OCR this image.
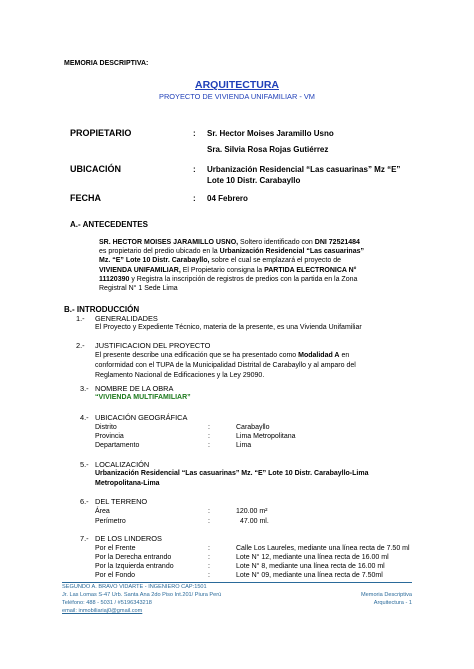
MEMORIA DESCRIPTIVA:
ARQUITECTURA
PROYECTO DE VIVIENDA UNIFAMILIAR - VM
PROPIETARIO	: Sr. Hector Moises Jaramillo Usno
Sra. Silvia Rosa Rojas Gutiérrez
UBICACIÓN	: Urbanización Residencial “Las casuarinas” Mz “E”
Lote 10 Distr. Carabayllo
FECHA	: 04 Febrero
A.- ANTECEDENTES
SR. HECTOR MOISES JARAMILLO USNO, Soltero identificado con DNI 72521484
es propietario del predio ubicado en la Urbanización Residencial “Las casuarinas”
Mz. “E” Lote 10 Distr. Carabayllo, sobre el cual se emplazará el proyecto de
VIVIENDA UNIFAMILIAR, El Propietario consigna la PARTIDA ELECTRONICA N°
11120390 y Registra la inscripción de registros de predios con la partida en la Zona
Registral N° 1 Sede Lima
B.- INTRODUCCIÓN
1.- GENERALIDADES
El Proyecto y Expediente Técnico, materia de la presente, es una Vivienda Unifamiliar
2.- JUSTIFICACION DEL PROYECTO
El presente describe una edificación que se ha presentado como Modalidad A en
conformidad con el TUPA de la Municipalidad Distrital de Carabayllo y al amparo del
Reglamento Nacional de Edificaciones y la Ley 29090.
3.- NOMBRE DE LA OBRA
“VIVIENDA MULTIFAMILIAR”
4.- UBICACIÓN GEOGRÁFICA
Distrito	:	Carabayllo
Provincia	:	Lima Metropolitana
Departamento	:	Lima
5.- LOCALIZACIÓN
Urbanización Residencial “Las casuarinas” Mz. “E” Lote 10 Distr. Carabayllo-Lima
Metropolitana-Lima
6.- DEL TERRENO
Área	:	120.00 m²
Perímetro	:	47.00 ml.
7.- DE LOS LINDEROS
Por el Frente	:	Calle Los Laureles, mediante una línea recta de 7.50 ml
Por la Derecha entrando	:	Lote N° 12, mediante una línea recta de 16.00 ml
Por la Izquierda entrando	:	Lote N° 8, mediante una línea recta de 16.00 ml
Por el Fondo	:	Lote N° 09, mediante una línea recta de 7.50ml
SEGUNDO A. BRAVO VIDARTE - INGENIERO CAP:1501
Jr. Las Lomas S-47 Urb. Santa Ana 2do Piso Int.201/ Piura Perú
Teléfono: 488 - 5031 / #5196343218
email: inmobiliariaj0@gmail.com
Memoria Descriptiva
Arquitectura - 1
